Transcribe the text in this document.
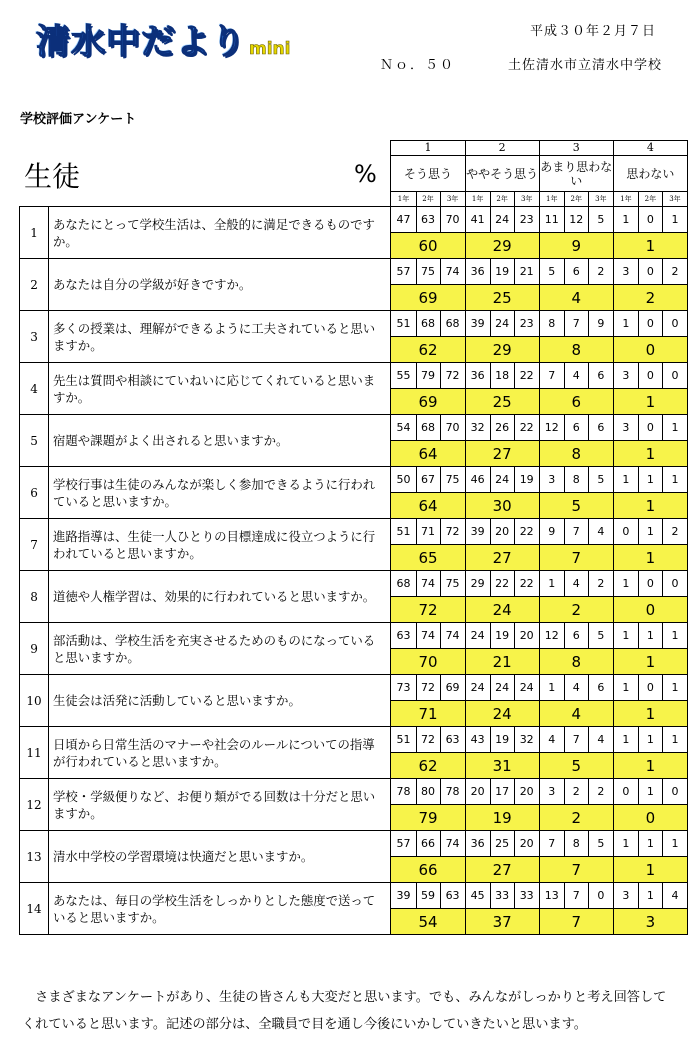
清水中だより mini
平成３０年２月７日
Ｎｏ．５０	土佐清水市立清水中学校
学校評価アンケート
		1			2			3			4		
		そう思う			ややそう思う			あまり思わない			思わない		
		1年	2年	3年	1年	2年	3年	1年	2年	3年	1年	2年	3年
1	あなたにとって学校生活は、全般的に満足できるものですか。	47	63	70	41	24	23	11	12	5	1	0	1
		60			29			9			1		
2	あなたは自分の学級が好きですか。	57	75	74	36	19	21	5	6	2	3	0	2
		69			25			4			2		
3	多くの授業は、理解ができるように工夫されていると思いますか。	51	68	68	39	24	23	8	7	9	1	0	0
		62			29			8			0		
4	先生は質問や相談にていねいに応じてくれていると思いますか。	55	79	72	36	18	22	7	4	6	3	0	0
		69			25			6			1		
5	宿題や課題がよく出されると思いますか。	54	68	70	32	26	22	12	6	6	3	0	1
		64			27			8			1		
6	学校行事は生徒のみんなが楽しく参加できるように行われていると思いますか。	50	67	75	46	24	19	3	8	5	1	1	1
		64			30			5			1		
7	進路指導は、生徒一人ひとりの目標達成に役立つように行われていると思いますか。	51	71	72	39	20	22	9	7	4	0	1	2
		65			27			7			1		
8	道徳や人権学習は、効果的に行われていると思いますか。	68	74	75	29	22	22	1	4	2	1	0	0
		72			24			2			0		
9	部活動は、学校生活を充実させるためのものになっていると思いますか。	63	74	74	24	19	20	12	6	5	1	1	1
		70			21			8			1		
10	生徒会は活発に活動していると思いますか。	73	72	69	24	24	24	1	4	6	1	0	1
		71			24			4			1		
11	日頃から日常生活のマナーや社会のルールについての指導が行われていると思いますか。	51	72	63	43	19	32	4	7	4	1	1	1
		62			31			5			1		
12	学校・学級便りなど、お便り類がでる回数は十分だと思いますか。	78	80	78	20	17	20	3	2	2	0	1	0
		79			19			2			0		
13	清水中学校の学習環境は快適だと思いますか。	57	66	74	36	25	20	7	8	5	1	1	1
		66			27			7			1		
14	あなたは、毎日の学校生活をしっかりとした態度で送っていると思いますか。	39	59	63	45	33	33	13	7	0	3	1	4
		54			37			7			3		
生徒	%
　さまざまなアンケートがあり、生徒の皆さんも大変だと思います。でも、みんながしっかりと考え回答してくれていると思います。記述の部分は、全職員で目を通し今後にいかしていきたいと思います。
